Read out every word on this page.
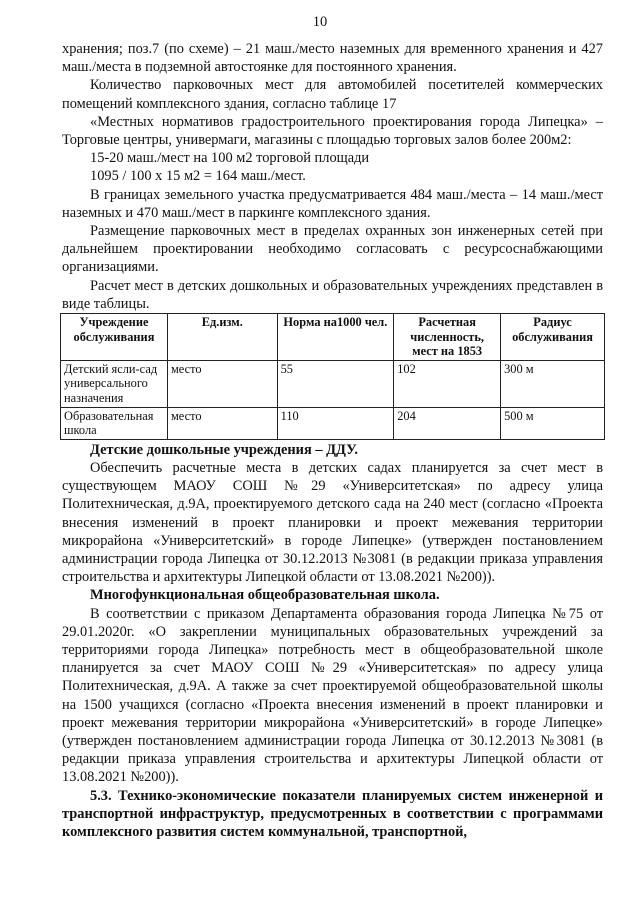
10

хранения; поз.7 (по схеме) – 21 маш./место наземных для временного хранения и 427 маш./места в подземной автостоянке для постоянного хранения.

Количество парковочных мест для автомобилей посетителей коммерческих помещений комплексного здания, согласно таблице 17

«Местных нормативов градостроительного проектирования города Липецка» – Торговые центры, универмаги, магазины с площадью торговых залов более 200м2:

15-20 маш./мест на 100 м2 торговой площади

1095 / 100 х 15 м2 = 164 маш./мест.

В границах земельного участка предусматривается 484 маш./места – 14 маш./мест наземных и 470 маш./мест в паркинге комплексного здания.

Размещение парковочных мест в пределах охранных зон инженерных сетей при дальнейшем проектировании необходимо согласовать с ресурсоснабжающими организациями.

Расчет мест в детских дошкольных и образовательных учреждениях представлен в виде таблицы.

Учреждение обслуживания	Ед.изм.	Норма на1000 чел.	Расчетная численность, мест на 1853	Радиус обслуживания
Детский ясли-сад универсального назначения	место	55	102	300 м
Образовательная школа	место	110	204	500 м

Детские дошкольные учреждения – ДДУ.

Обеспечить расчетные места в детских садах планируется за счет мест в существующем МАОУ СОШ №29 «Университетская» по адресу улица Политехническая, д.9А, проектируемого детского сада на 240 мест (согласно «Проекта внесения изменений в проект планировки и проект межевания территории микрорайона «Университетский» в городе Липецке» (утвержден постановлением администрации города Липецка от 30.12.2013 №3081 (в редакции приказа управления строительства и архитектуры Липецкой области от 13.08.2021 №200)).

Многофункциональная общеобразовательная школа.

В соответствии с приказом Департамента образования города Липецка №75 от 29.01.2020г. «О закреплении муниципальных образовательных учреждений за территориями города Липецка» потребность мест в общеобразовательной школе планируется за счет МАОУ СОШ №29 «Университетская» по адресу улица Политехническая, д.9А. А также за счет проектируемой общеобразовательной школы на 1500 учащихся (согласно «Проекта внесения изменений в проект планировки и проект межевания территории микрорайона «Университетский» в городе Липецке» (утвержден постановлением администрации города Липецка от 30.12.2013 №3081 (в редакции приказа управления строительства и архитектуры Липецкой области от 13.08.2021 №200)).

5.3. Технико-экономические показатели планируемых систем инженерной и транспортной инфраструктур, предусмотренных в соответствии с программами комплексного развития систем коммунальной, транспортной,
